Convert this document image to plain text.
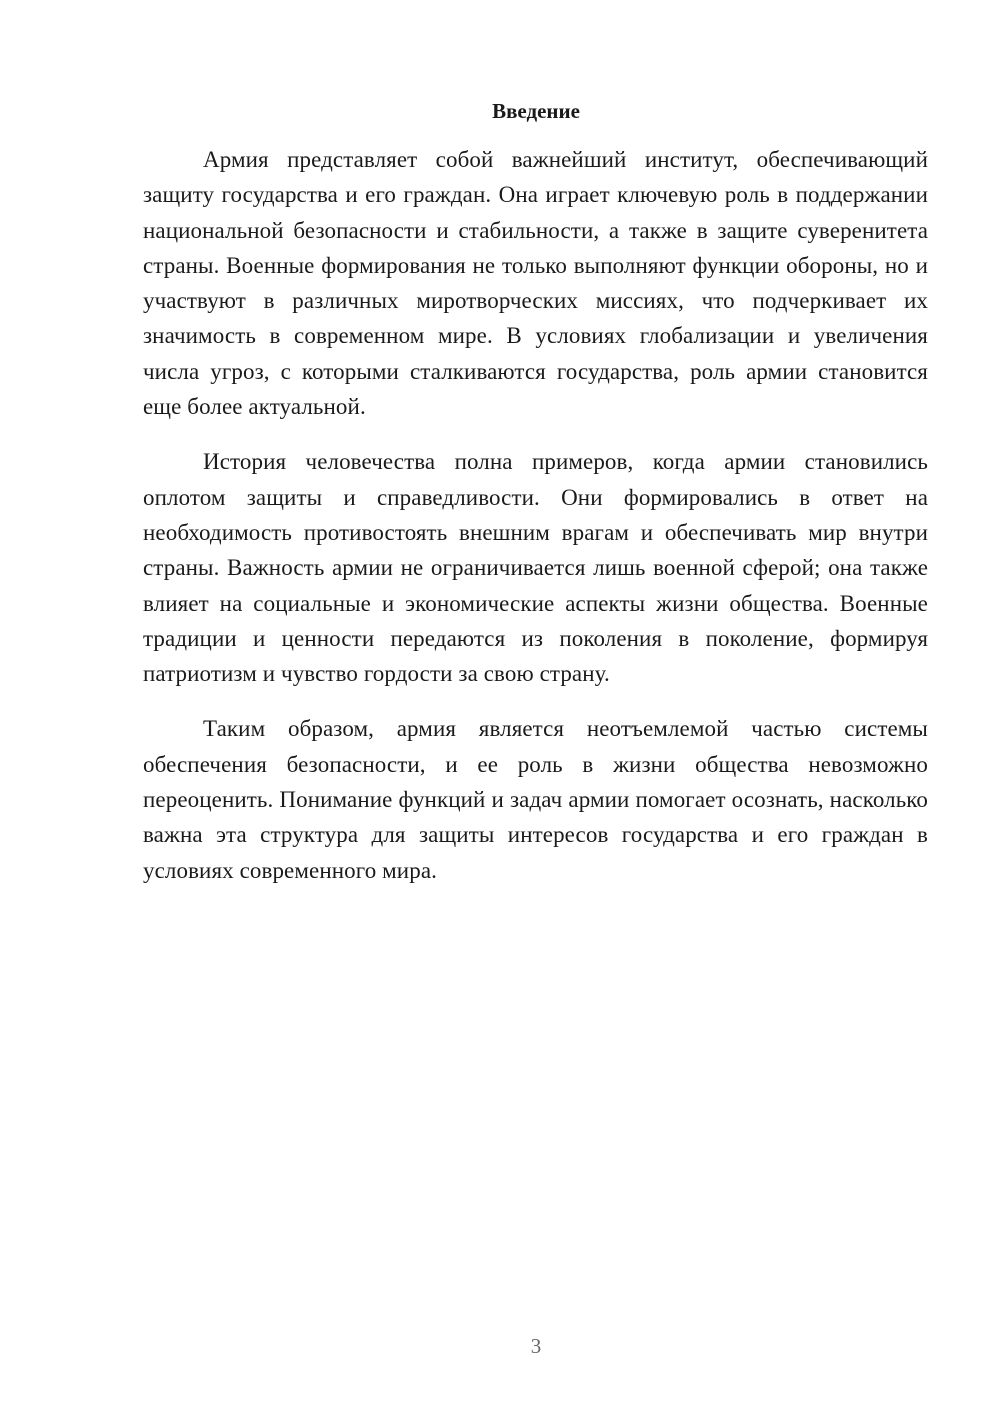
Введение

Армия представляет собой важнейший институт, обеспечивающий защиту государства и его граждан. Она играет ключевую роль в поддержании национальной безопасности и стабильности, а также в защите суверенитета страны. Военные формирования не только выполняют функции обороны, но и участвуют в различных миротворческих миссиях, что подчеркивает их значимость в современном мире. В условиях глобализации и увеличения числа угроз, с которыми сталкиваются государства, роль армии становится еще более актуальной.

История человечества полна примеров, когда армии становились оплотом защиты и справедливости. Они формировались в ответ на необходимость противостоять внешним врагам и обеспечивать мир внутри страны. Важность армии не ограничивается лишь военной сферой; она также влияет на социальные и экономические аспекты жизни общества. Военные традиции и ценности передаются из поколения в поколение, формируя патриотизм и чувство гордости за свою страну.

Таким образом, армия является неотъемлемой частью системы обеспечения безопасности, и ее роль в жизни общества невозможно переоценить. Понимание функций и задач армии помогает осознать, насколько важна эта структура для защиты интересов государства и его граждан в условиях современного мира.

3
